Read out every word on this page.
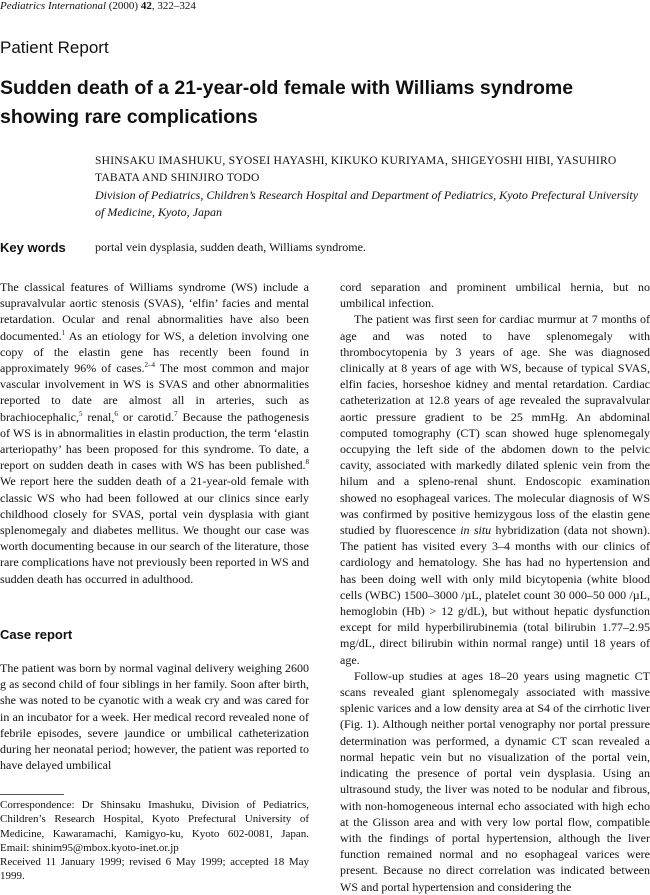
Pediatrics International (2000) 42, 322–324
Patient Report
Sudden death of a 21-year-old female with Williams syndrome showing rare complications
SHINSAKU IMASHUKU, SYOSEI HAYASHI, KIKUKO KURIYAMA, SHIGEYOSHI HIBI, YASUHIRO TABATA AND SHINJIRO TODO
Division of Pediatrics, Children’s Research Hospital and Department of Pediatrics, Kyoto Prefectural University of Medicine, Kyoto, Japan
Key words portal vein dysplasia, sudden death, Williams syndrome.

The classical features of Williams syndrome (WS) include a supravalvular aortic stenosis (SVAS), ‘elfin’ facies and mental retardation. Ocular and renal abnormalities have also been documented.$^1$ As an etiology for WS, a deletion involving one copy of the elastin gene has recently been found in approximately 96% of cases.$^{2-4}$ The most common and major vascular involvement in WS is SVAS and other abnormalities reported to date are almost all in arteries, such as brachiocephalic,$^5$ renal,$^6$ or carotid.$^7$ Because the pathogenesis of WS is in abnormalities in elastin production, the term ‘elastin arteriopathy’ has been proposed for this syndrome. To date, a report on sudden death in cases with WS has been published.$^8$ We report here the sudden death of a 21-year-old female with classic WS who had been followed at our clinics since early childhood closely for SVAS, portal vein dysplasia with giant splenomegaly and diabetes mellitus. We thought our case was worth documenting because in our search of the literature, those rare complications have not previously been reported in WS and sudden death has occurred in adulthood.

Case report

The patient was born by normal vaginal delivery weighing 2600 g as second child of four siblings in her family. Soon after birth, she was noted to be cyanotic with a weak cry and was cared for in an incubator for a week. Her medical record revealed none of febrile episodes, severe jaundice or umbilical catheterization during her neonatal period; however, the patient was reported to have delayed umbilical

Correspondence: Dr Shinsaku Imashuku, Division of Pediatrics, Children’s Research Hospital, Kyoto Prefectural University of Medicine, Kawaramachi, Kamigyo-ku, Kyoto 602-0081, Japan. Email: shinim95@mbox.kyoto-inet.or.jp
Received 11 January 1999; revised 6 May 1999; accepted 18 May 1999.

cord separation and prominent umbilical hernia, but no umbilical infection.

The patient was first seen for cardiac murmur at 7 months of age and was noted to have splenomegaly with thrombocytopenia by 3 years of age. She was diagnosed clinically at 8 years of age with WS, because of typical SVAS, elfin facies, horseshoe kidney and mental retardation. Cardiac catheterization at 12.8 years of age revealed the supravalvular aortic pressure gradient to be 25 mmHg. An abdominal computed tomography (CT) scan showed huge splenomegaly occupying the left side of the abdomen down to the pelvic cavity, associated with markedly dilated splenic vein from the hilum and a spleno-renal shunt. Endoscopic examination showed no esophageal varices. The molecular diagnosis of WS was confirmed by positive hemizygous loss of the elastin gene studied by fluorescence in situ hybridization (data not shown). The patient has visited every 3–4 months with our clinics of cardiology and hematology. She has had no hypertension and has been doing well with only mild bicytopenia (white blood cells (WBC) 1500–3000 /µL, platelet count 30 000–50 000 /µL, hemoglobin (Hb) > 12 g/dL), but without hepatic dysfunction except for mild hyperbilirubinemia (total bilirubin 1.77–2.95 mg/dL, direct bilirubin within normal range) until 18 years of age.

Follow-up studies at ages 18–20 years using magnetic CT scans revealed giant splenomegaly associated with massive splenic varices and a low density area at S4 of the cirrhotic liver (Fig. 1). Although neither portal venography nor portal pressure determination was performed, a dynamic CT scan revealed a normal hepatic vein but no visualization of the portal vein, indicating the presence of portal vein dysplasia. Using an ultrasound study, the liver was noted to be nodular and fibrous, with non-homogeneous internal echo associated with high echo at the Glisson area and with very low portal flow, compatible with the findings of portal hypertension, although the liver function remained normal and no esophageal varices were present. Because no direct correlation was indicated between WS and portal hypertension and considering the
